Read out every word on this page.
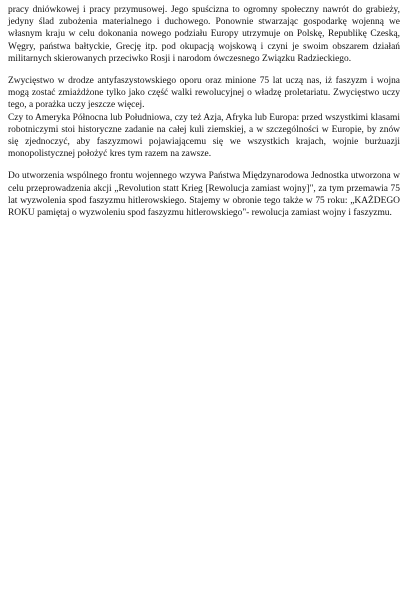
pracy dniówkowej i pracy przymusowej. Jego spuścizna to ogromny społeczny nawrót do grabieży, jedyny ślad zubożenia materialnego i duchowego. Ponownie stwarzając gospodarkę wojenną we własnym kraju w celu dokonania nowego podziału Europy utrzymuje on Polskę, Republikę Czeską, Węgry, państwa bałtyckie, Grecję itp. pod okupacją wojskową i czyni je swoim obszarem działań militarnych skierowanych przeciwko Rosji i narodom ówczesnego Związku Radzieckiego.

Zwycięstwo w drodze antyfaszystowskiego oporu oraz minione 75 lat uczą nas, iż faszyzm i wojna mogą zostać zmiażdżone tylko jako część walki rewolucyjnej o władzę proletariatu. Zwycięstwo uczy tego, a porażka uczy jeszcze więcej.

Czy to Ameryka Północna lub Południowa, czy też Azja, Afryka lub Europa: przed wszystkimi klasami robotniczymi stoi historyczne zadanie na całej kuli ziemskiej, a w szczególności w Europie, by znów się zjednoczyć, aby faszyzmowi pojawiającemu się we wszystkich krajach, wojnie burżuazji monopolistycznej położyć kres tym razem na zawsze.

Do utworzenia wspólnego frontu wojennego wzywa Państwa Międzynarodowa Jednostka utworzona w celu przeprowadzenia akcji „Revolution statt Krieg [Rewolucja zamiast wojny]", za tym przemawia 75 lat wyzwolenia spod faszyzmu hitlerowskiego. Stajemy w obronie tego także w 75 roku: „KAŻDEGO ROKU pamiętaj o wyzwoleniu spod faszyzmu hitlerowskiego"- rewolucja zamiast wojny i faszyzmu.
